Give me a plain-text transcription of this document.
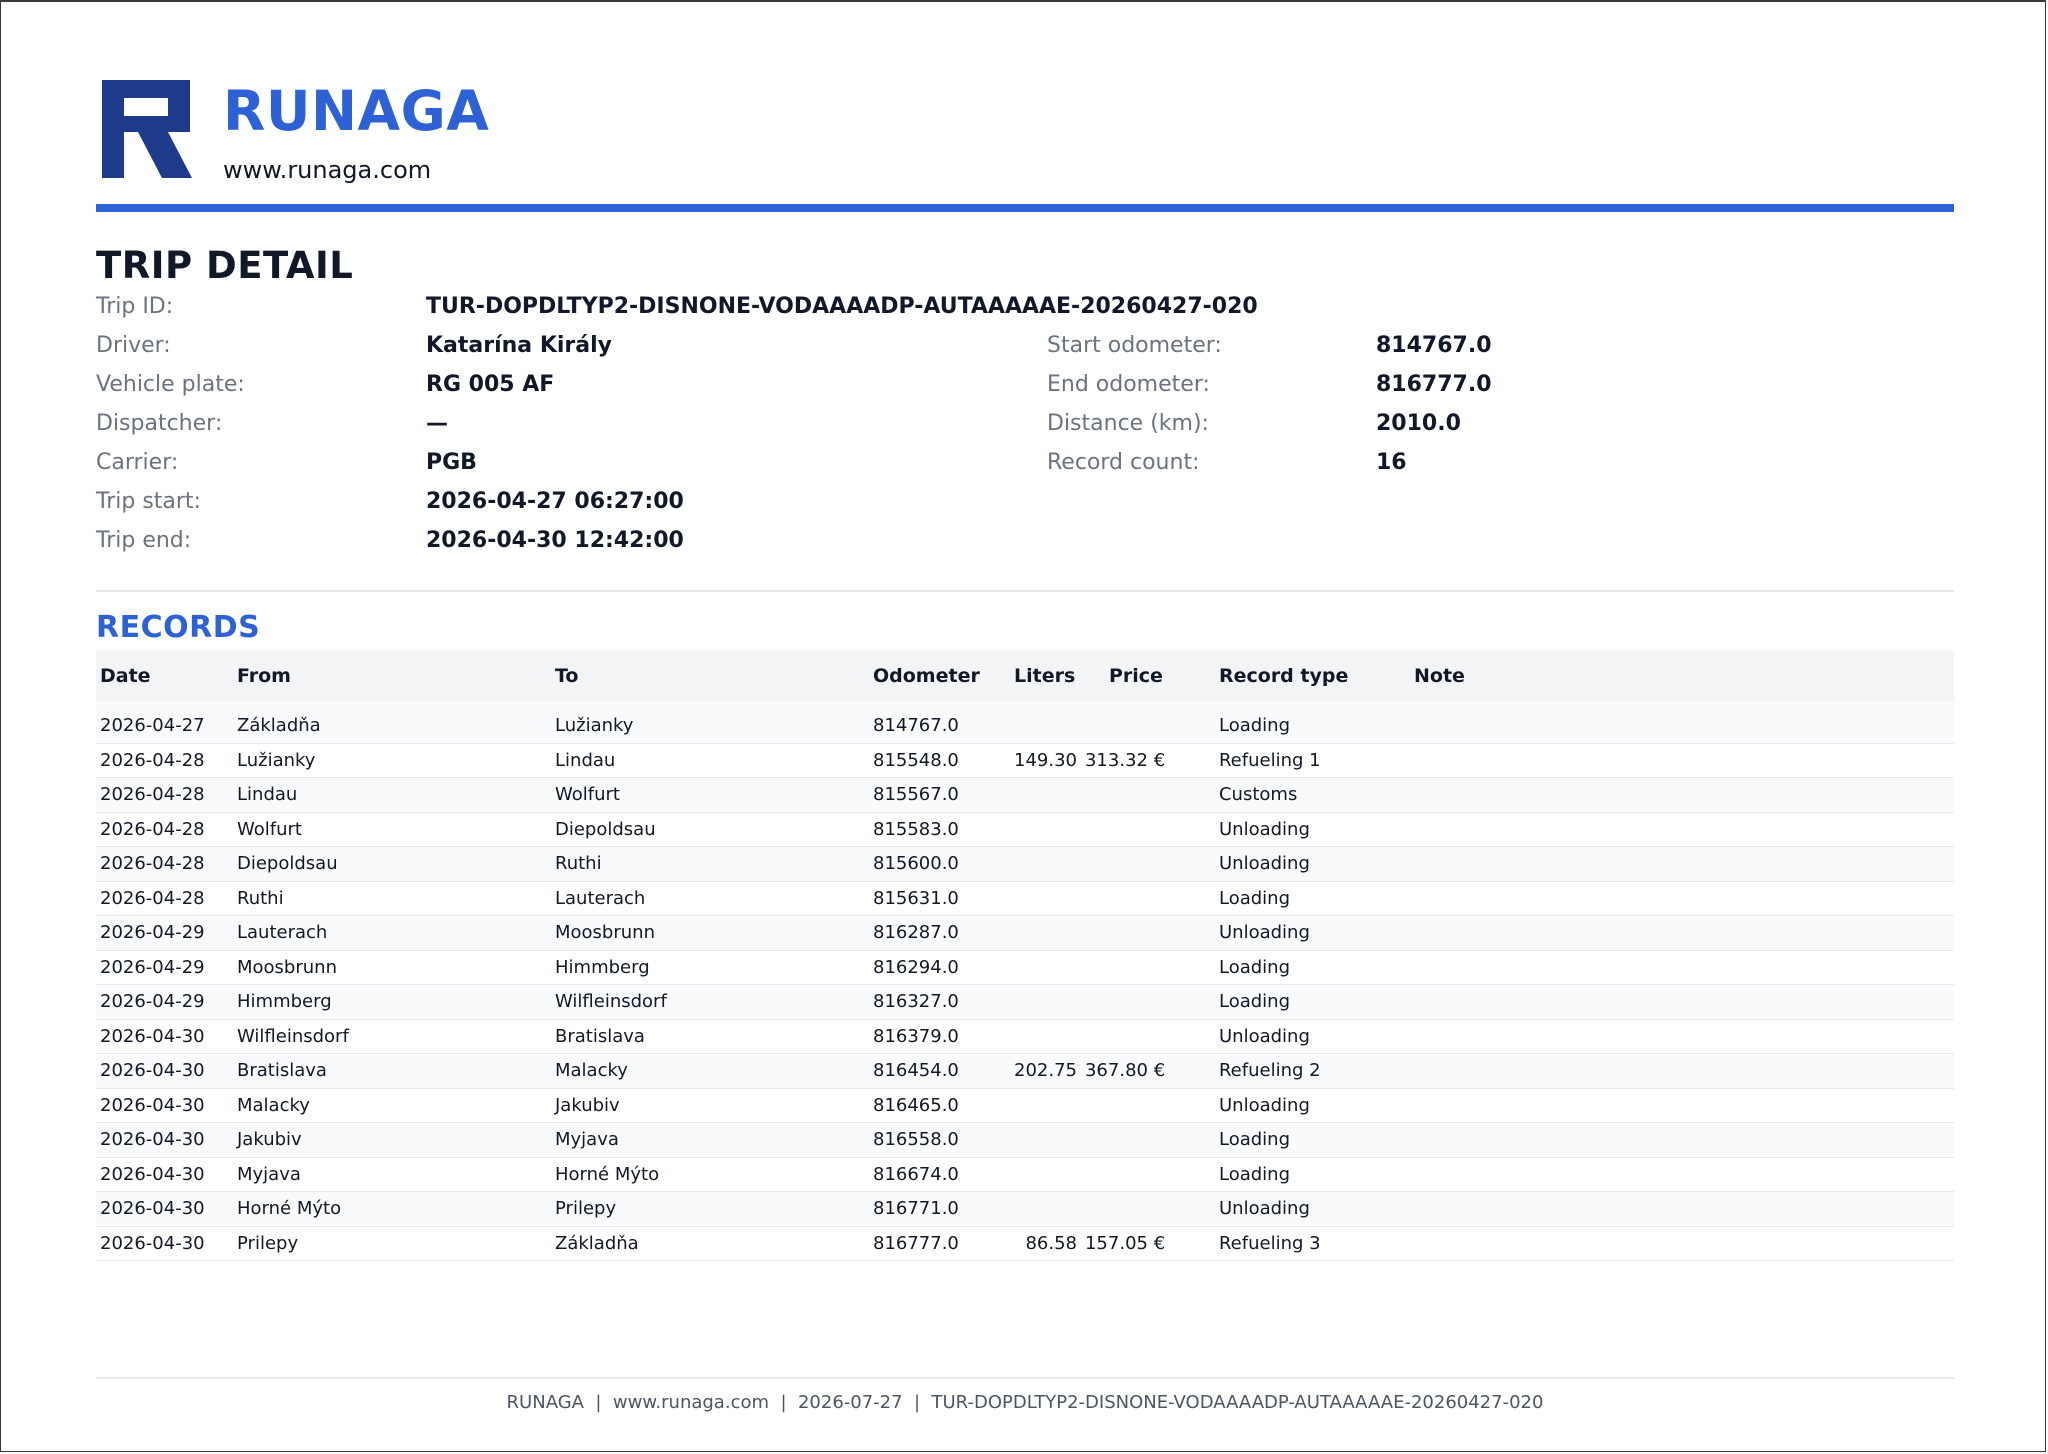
RUNAGA
www.runaga.com
TRIP DETAIL
Trip ID:	TUR-DOPDLTYP2-DISNONE-VODAAAADP-AUTAAAAAE-20260427-020
Driver:	Katarína Király
Vehicle plate:	RG 005 AF
Dispatcher:	—
Carrier:	PGB
Trip start:	2026-04-27 06:27:00
Trip end:	2026-04-30 12:42:00
Start odometer:	814767.0
End odometer:	816777.0
Distance (km):	2010.0
Record count:	16
RECORDS
Date	From	To	Odometer	Liters	Price	Record type	Note
2026-04-27	Základňa	Lužianky	814767.0			Loading	
2026-04-28	Lužianky	Lindau	815548.0	149.30	313.32 €	Refueling 1	
2026-04-28	Lindau	Wolfurt	815567.0			Customs	
2026-04-28	Wolfurt	Diepoldsau	815583.0			Unloading	
2026-04-28	Diepoldsau	Ruthi	815600.0			Unloading	
2026-04-28	Ruthi	Lauterach	815631.0			Loading	
2026-04-29	Lauterach	Moosbrunn	816287.0			Unloading	
2026-04-29	Moosbrunn	Himmberg	816294.0			Loading	
2026-04-29	Himmberg	Wilfleinsdorf	816327.0			Loading	
2026-04-30	Wilfleinsdorf	Bratislava	816379.0			Unloading	
2026-04-30	Bratislava	Malacky	816454.0	202.75	367.80 €	Refueling 2	
2026-04-30	Malacky	Jakubiv	816465.0			Unloading	
2026-04-30	Jakubiv	Myjava	816558.0			Loading	
2026-04-30	Myjava	Horné Mýto	816674.0			Loading	
2026-04-30	Horné Mýto	Prilepy	816771.0			Unloading	
2026-04-30	Prilepy	Základňa	816777.0	86.58	157.05 €	Refueling 3	
RUNAGA  |  www.runaga.com  |  2026-07-27  |  TUR-DOPDLTYP2-DISNONE-VODAAAADP-AUTAAAAAE-20260427-020
